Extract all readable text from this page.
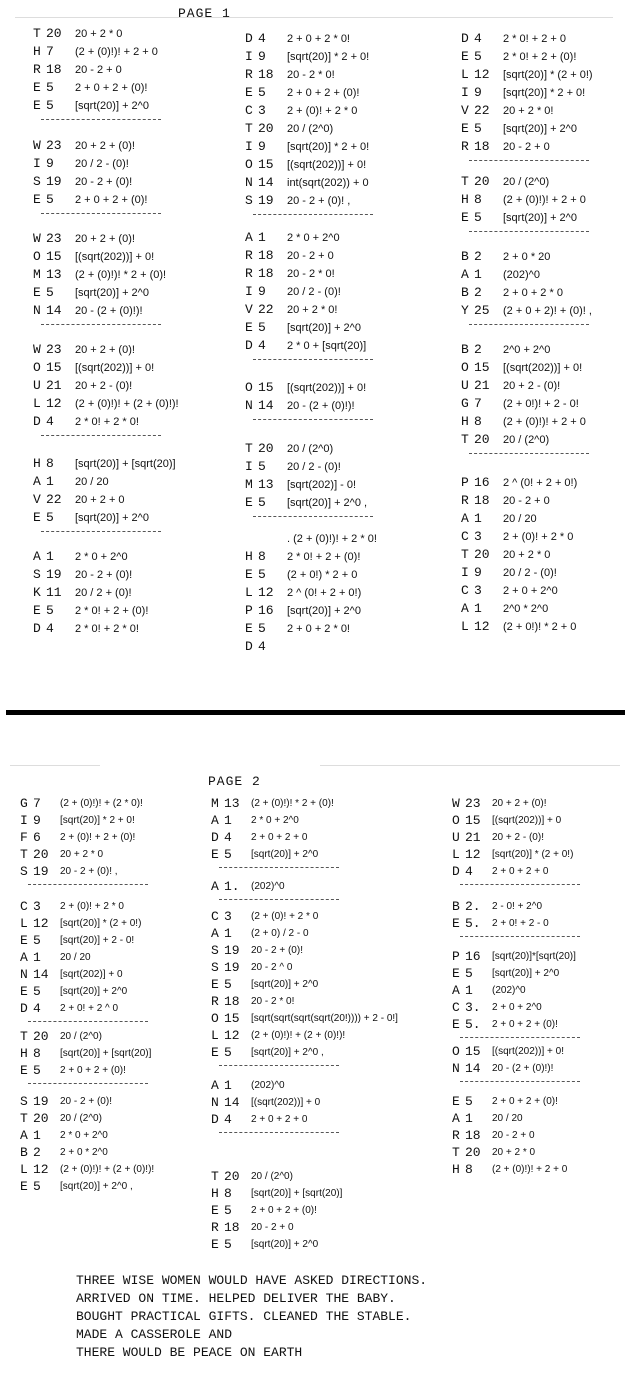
PAGE 1
T 20 20 + 2 * 0
H 7 (2 + (0)!)! + 2 + 0
R 18 20 - 2 + 0
E 5 2 + 0 + 2 + (0)!
E 5 [sqrt(20)] + 2^0
W 23 20 + 2 + (0)!
I 9 20 / 2 - (0)!
S 19 20 - 2 + (0)!
E 5 2 + 0 + 2 + (0)!
W 23 20 + 2 + (0)!
O 15 [(sqrt(202))] + 0!
M 13 (2 + (0)!)! * 2 + (0)!
E 5 [sqrt(20)] + 2^0
N 14 20 - (2 + (0)!)!
W 23 20 + 2 + (0)!
O 15 [(sqrt(202))] + 0!
U 21 20 + 2 - (0)!
L 12 (2 + (0)!)! + (2 + (0)!)!
D 4 2 * 0! + 2 * 0!
H 8 [sqrt(20)] + [sqrt(20)]
A 1 20 / 20
V 22 20 + 2 + 0
E 5 [sqrt(20)] + 2^0
A 1 2 * 0 + 2^0
S 19 20 - 2 + (0)!
K 11 20 / 2 + (0)!
E 5 2 * 0! + 2 + (0)!
D 4 2 * 0! + 2 * 0!
D 4 2 + 0 + 2 * 0!
I 9 [sqrt(20)] * 2 + 0!
R 18 20 - 2 * 0!
E 5 2 + 0 + 2 + (0)!
C 3 2 + (0)! + 2 * 0
T 20 20 / (2^0)
I 9 [sqrt(20)] * 2 + 0!
O 15 [(sqrt(202))] + 0!
N 14 int(sqrt(202)) + 0
S 19 20 - 2 + (0)! ,
A 1 2 * 0 + 2^0
R 18 20 - 2 + 0
R 18 20 - 2 * 0!
I 9 20 / 2 - (0)!
V 22 20 + 2 * 0!
E 5 [sqrt(20)] + 2^0
D 4 2 * 0 + [sqrt(20)]
O 15 [(sqrt(202))] + 0!
N 14 20 - (2 + (0)!)!
T 20 20 / (2^0)
I 5 20 / 2 - (0)!
M 13 [sqrt(202)] - 0!
E 5 [sqrt(20)] + 2^0 ,
. (2 + (0)!)! + 2 * 0!
H 8 2 * 0! + 2 + (0)!
E 5 (2 + 0!) * 2 + 0
L 12 2 ^ (0! + 2 + 0!)
P 16 [sqrt(20)] + 2^0
E 5 2 + 0 + 2 * 0!
D 4
D 4 2 * 0! + 2 + 0
E 5 2 * 0! + 2 + (0)!
L 12 [sqrt(20)] * (2 + 0!)
I 9 [sqrt(20)] * 2 + 0!
V 22 20 + 2 * 0!
E 5 [sqrt(20)] + 2^0
R 18 20 - 2 + 0
T 20 20 / (2^0)
H 8 (2 + (0)!)! + 2 + 0
E 5 [sqrt(20)] + 2^0
B 2 2 + 0 * 20
A 1 (202)^0
B 2 2 + 0 + 2 * 0
Y 25 (2 + 0 + 2)! + (0)! ,
B 2 2^0 + 2^0
O 15 [(sqrt(202))] + 0!
U 21 20 + 2 - (0)!
G 7 (2 + 0!)! + 2 - 0!
H 8 (2 + (0)!)! + 2 + 0
T 20 20 / (2^0)
P 16 2 ^ (0! + 2 + 0!)
R 18 20 - 2 + 0
A 1 20 / 20
C 3 2 + (0)! + 2 * 0
T 20 20 + 2 * 0
I 9 20 / 2 - (0)!
C 3 2 + 0 + 2^0
A 1 2^0 * 2^0
L 12 (2 + 0!)! * 2 + 0
PAGE 2
G 7 (2 + (0)!)! + (2 * 0)!
I 9 [sqrt(20)] * 2 + 0!
F 6 2 + (0)! + 2 + (0)!
T 20 20 + 2 * 0
S 19 20 - 2 + (0)! ,
C 3 2 + (0)! + 2 * 0
L 12 [sqrt(20)] * (2 + 0!)
E 5 [sqrt(20)] + 2 - 0!
A 1 20 / 20
N 14 [sqrt(202)] + 0
E 5 [sqrt(20)] + 2^0
D 4 2 + 0! + 2 ^ 0
T 20 20 / (2^0)
H 8 [sqrt(20)] + [sqrt(20)]
E 5 2 + 0 + 2 + (0)!
S 19 20 - 2 + (0)!
T 20 20 / (2^0)
A 1 2 * 0 + 2^0
B 2 2 + 0 * 2^0
L 12 (2 + (0)!)! + (2 + (0)!)!
E 5 [sqrt(20)] + 2^0 ,
M 13 (2 + (0)!)! * 2 + (0)!
A 1 2 * 0 + 2^0
D 4 2 + 0 + 2 + 0
E 5 [sqrt(20)] + 2^0
A 1. (202)^0
C 3 (2 + (0)! + 2 * 0
A 1 (2 + 0) / 2 - 0
S 19 20 - 2 + (0)!
S 19 20 - 2 ^ 0
E 5 [sqrt(20)] + 2^0
R 18 20 - 2 * 0!
O 15 [sqrt(sqrt(sqrt(sqrt(20!)))) + 2 - 0!]
L 12 (2 + (0)!)! + (2 + (0)!)!
E 5 [sqrt(20)] + 2^0 ,
A 1 (202)^0
N 14 [(sqrt(202))] + 0
D 4 2 + 0 + 2 + 0
T 20 20 / (2^0)
H 8 [sqrt(20)] + [sqrt(20)]
E 5 2 + 0 + 2 + (0)!
R 18 20 - 2 + 0
E 5 [sqrt(20)] + 2^0
W 23 20 + 2 + (0)!
O 15 [(sqrt(202))] + 0
U 21 20 + 2 - (0)!
L 12 [sqrt(20)] * (2 + 0!)
D 4 2 + 0 + 2 + 0
B 2. 2 - 0! + 2^0
E 5. 2 + 0! + 2 - 0
P 16 [sqrt(20)]*[sqrt(20)]
E 5 [sqrt(20)] + 2^0
A 1 (202)^0
C 3. 2 + 0 + 2^0
E 5. 2 + 0 + 2 + (0)!
O 15 [(sqrt(202))] + 0!
N 14 20 - (2 + (0)!)!
E 5 2 + 0 + 2 + (0)!
A 1 20 / 20
R 18 20 - 2 + 0
T 20 20 + 2 * 0
H 8 (2 + (0)!)! + 2 + 0
THREE WISE WOMEN WOULD HAVE ASKED DIRECTIONS.
ARRIVED ON TIME. HELPED DELIVER THE BABY.
BOUGHT PRACTICAL GIFTS. CLEANED THE STABLE.
MADE A CASSEROLE AND
THERE WOULD BE PEACE ON EARTH
